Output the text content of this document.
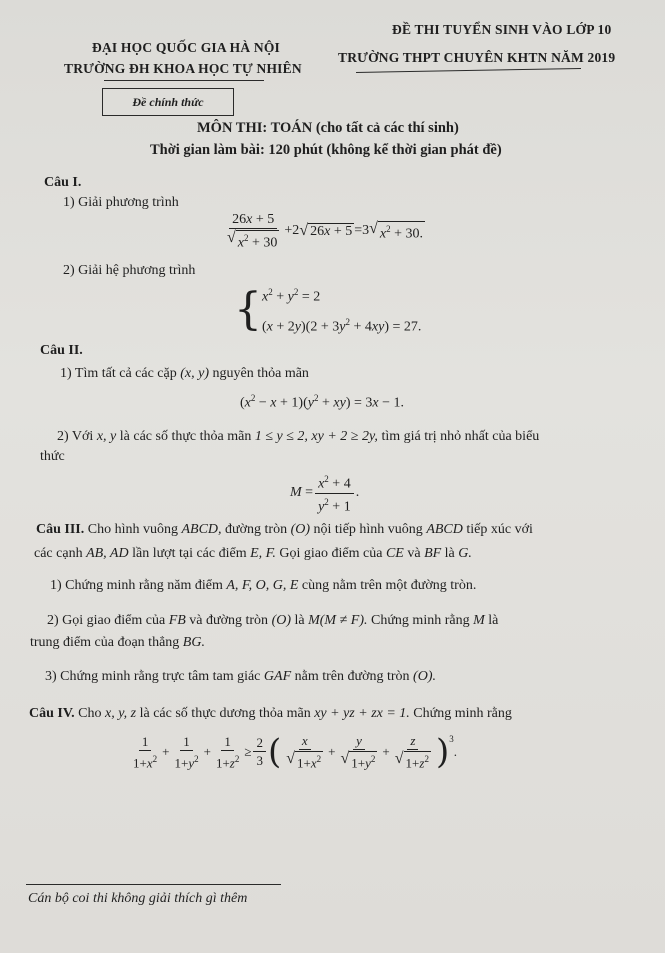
ĐẠI HỌC QUỐC GIA HÀ NỘI
TRƯỜNG ĐH KHOA HỌC TỰ NHIÊN
ĐỀ THI TUYỂN SINH VÀO LỚP 10
TRƯỜNG THPT CHUYÊN KHTN NĂM 2019
Đề chính thức
MÔN THI: TOÁN (cho tất cả các thí sinh)
Thời gian làm bài: 120 phút (không kể thời gian phát đề)
Câu I.
1) Giải phương trình
$\frac{26x + 5}{√ x^2 + 30} +2$ √ 26x + 5 =3 √ $x^2 + 30$.
2) Giải hệ phương trình
{ $x^2 + y^2 = 2$
$(x + 2y)(2 + 3y^2 + 4xy) = 27$.
Câu II.
1) Tìm tất cả các cặp (x, y) nguyên thỏa mãn
$(x^2 - x + 1)(y^2 + xy) = 3x - 1$.
2) Với x, y là các số thực thỏa mãn 1 ≤ y ≤ 2, xy + 2 ≥ 2y, tìm giá trị nhỏ nhất của biểu
thức
$M = \frac{x^2 + 4}{y^2 + 1}$ .
Câu III. Cho hình vuông ABCD, đường tròn (O) nội tiếp hình vuông ABCD tiếp xúc với
các cạnh AB, AD lần lượt tại các điểm E, F. Gọi giao điểm của CE và BF là G.
1) Chứng minh rằng năm điểm A, F, O, G, E cùng nằm trên một đường tròn.
2) Gọi giao điểm của FB và đường tròn (O) là M(M ≠ F). Chứng minh rằng M là
trung điểm của đoạn thẳng BG.
3) Chứng minh rằng trực tâm tam giác GAF nằm trên đường tròn (O).
Câu IV. Cho x, y, z là các số thực dương thỏa mãn xy + yz + zx = 1. Chứng minh rằng
$\frac{1}{1+x^2} + \frac{1}{1+y^2} + \frac{1}{1+z^2} \ge \frac{2}{3}$ ( $\frac{x}{√ 1+x^2} + \frac{y}{√ 1+y^2} + \frac{z}{√ 1+z^2} )^3$
.
Cán bộ coi thi không giải thích gì thêm
